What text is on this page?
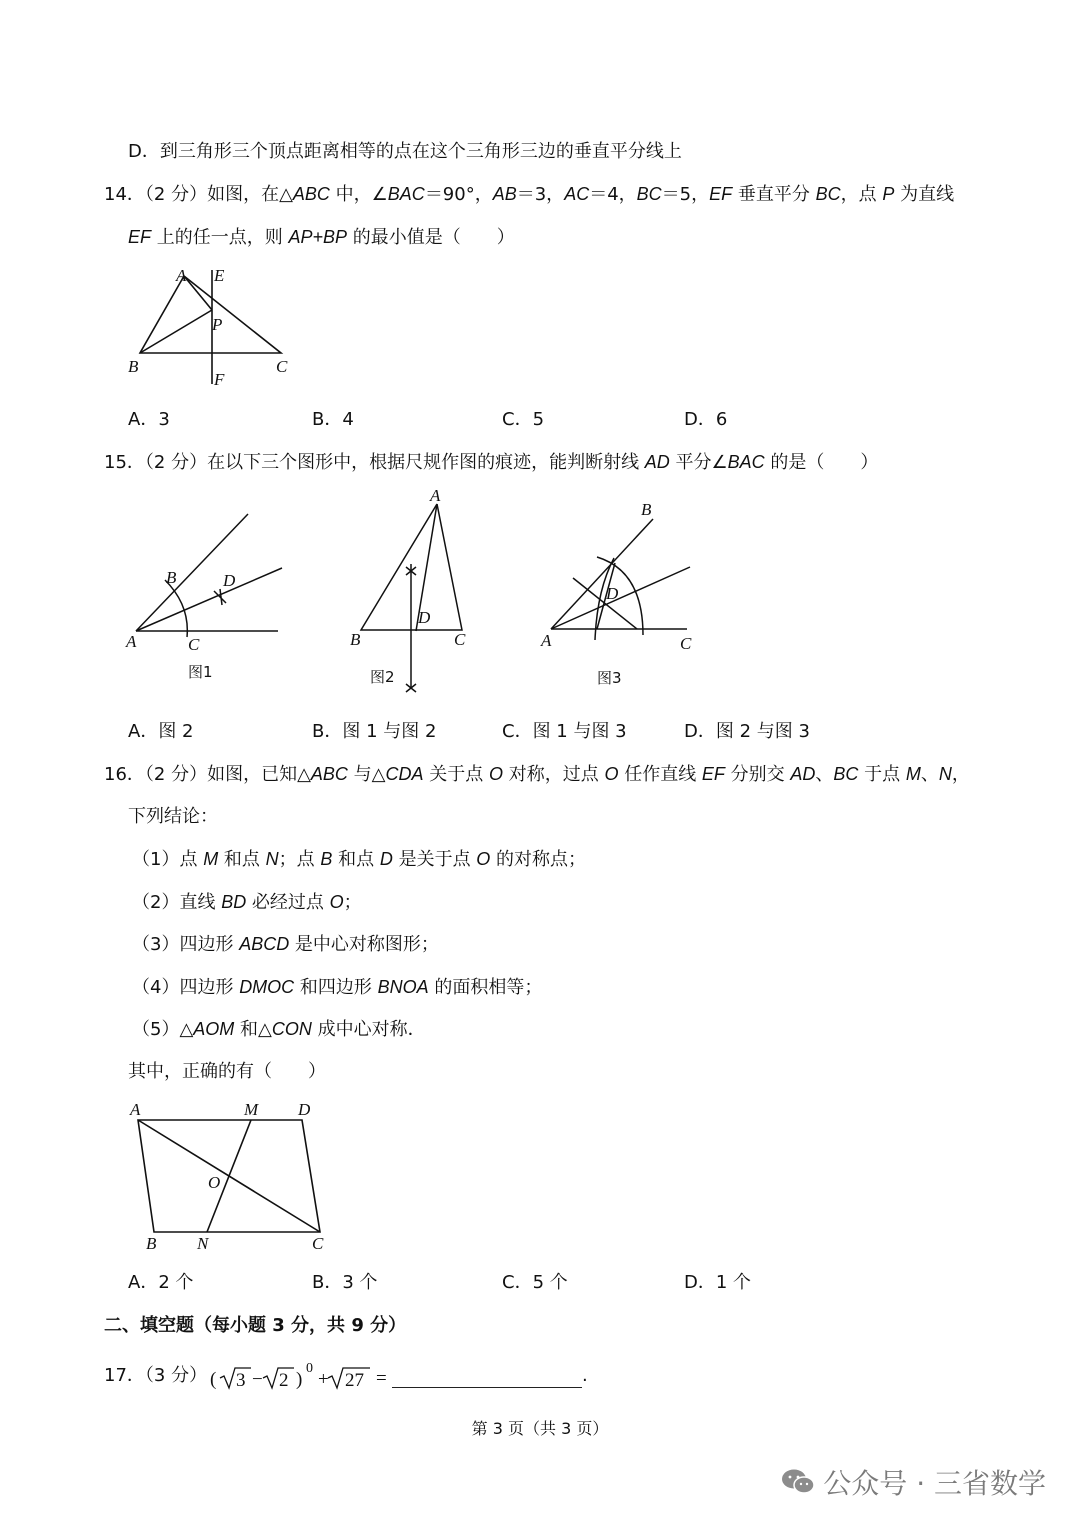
D．到三角形三个顶点距离相等的点在这个三角形三边的垂直平分线上
14．（2 分）如图，在△ABC 中，∠BAC＝90°，AB＝3，AC＝4，BC＝5，EF 垂直平分 BC，点 P 为直线
EF 上的任一点，则 AP+BP 的最小值是（　　）
A E
P
B	C
F
A．3	B．4	C．5	D．6
15．（2 分）在以下三个图形中，根据尺规作图的痕迹，能判断射线 AD 平分∠BAC 的是（　　）
B	D
A	C
图1
A
D
B	C
图2
B
D
A	C
图3
A．图 2	B．图 1 与图 2	C．图 1 与图 3	D．图 2 与图 3
16．（2 分）如图，已知△ABC 与△CDA 关于点 O 对称，过点 O 任作直线 EF 分别交 AD、BC 于点 M、N，
下列结论：
（1）点 M 和点 N；点 B 和点 D 是关于点 O 的对称点；
（2）直线 BD 必经过点 O；
（3）四边形 ABCD 是中心对称图形；
（4）四边形 DMOC 和四边形 BNOA 的面积相等；
（5）△AOM 和△CON 成中心对称．
其中，正确的有（　　）
A	M D
O
B N	C
A．2 个	B．3 个	C．5 个	D．1 个
二、填空题（每小题 3 分，共 9 分）
17．（3 分） ( 3 − 2 )
0
+ 27 =	.
第 3 页（共 3 页）
公众号 · 三省数学
